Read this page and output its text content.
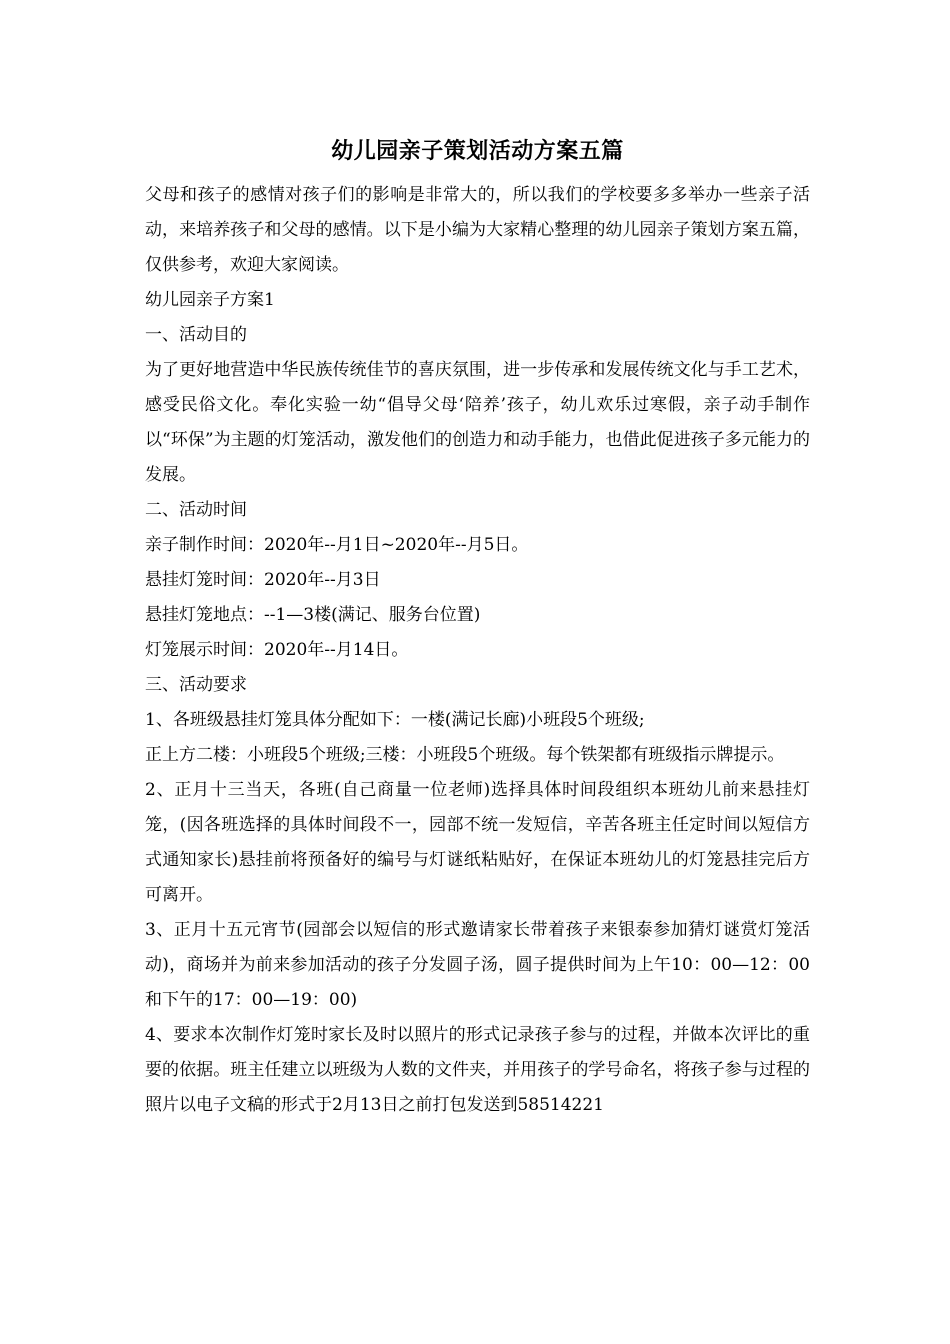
幼儿园亲子策划活动方案五篇

父母和孩子的感情对孩子们的影响是非常大的，所以我们的学校要多多举办一些亲子活动，来培养孩子和父母的感情。以下是小编为大家精心整理的幼儿园亲子策划方案五篇，仅供参考，欢迎大家阅读。

幼儿园亲子方案1

一、活动目的

为了更好地营造中华民族传统佳节的喜庆氛围，进一步传承和发展传统文化与手工艺术，感受民俗文化。奉化实验一幼“倡导父母‘陪养’孩子，幼儿欢乐过寒假，亲子动手制作以“环保”为主题的灯笼活动，激发他们的创造力和动手能力，也借此促进孩子多元能力的发展。

二、活动时间

亲子制作时间：2020年--月1日~2020年--月5日。

悬挂灯笼时间：2020年--月3日

悬挂灯笼地点：--1—3楼(满记、服务台位置)

灯笼展示时间：2020年--月14日。

三、活动要求

1、各班级悬挂灯笼具体分配如下：一楼(满记长廊)小班段5个班级;

正上方二楼：小班段5个班级;三楼：小班段5个班级。每个铁架都有班级指示牌提示。

2、正月十三当天，各班(自己商量一位老师)选择具体时间段组织本班幼儿前来悬挂灯笼，(因各班选择的具体时间段不一，园部不统一发短信，辛苦各班主任定时间以短信方式通知家长)悬挂前将预备好的编号与灯谜纸粘贴好，在保证本班幼儿的灯笼悬挂完后方可离开。

3、正月十五元宵节(园部会以短信的形式邀请家长带着孩子来银泰参加猜灯谜赏灯笼活动)，商场并为前来参加活动的孩子分发圆子汤，圆子提供时间为上午10：00—12：00和下午的17：00—19：00)

4、要求本次制作灯笼时家长及时以照片的形式记录孩子参与的过程，并做本次评比的重要的依据。班主任建立以班级为人数的文件夹，并用孩子的学号命名，将孩子参与过程的照片以电子文稿的形式于2月13日之前打包发送到58514221
